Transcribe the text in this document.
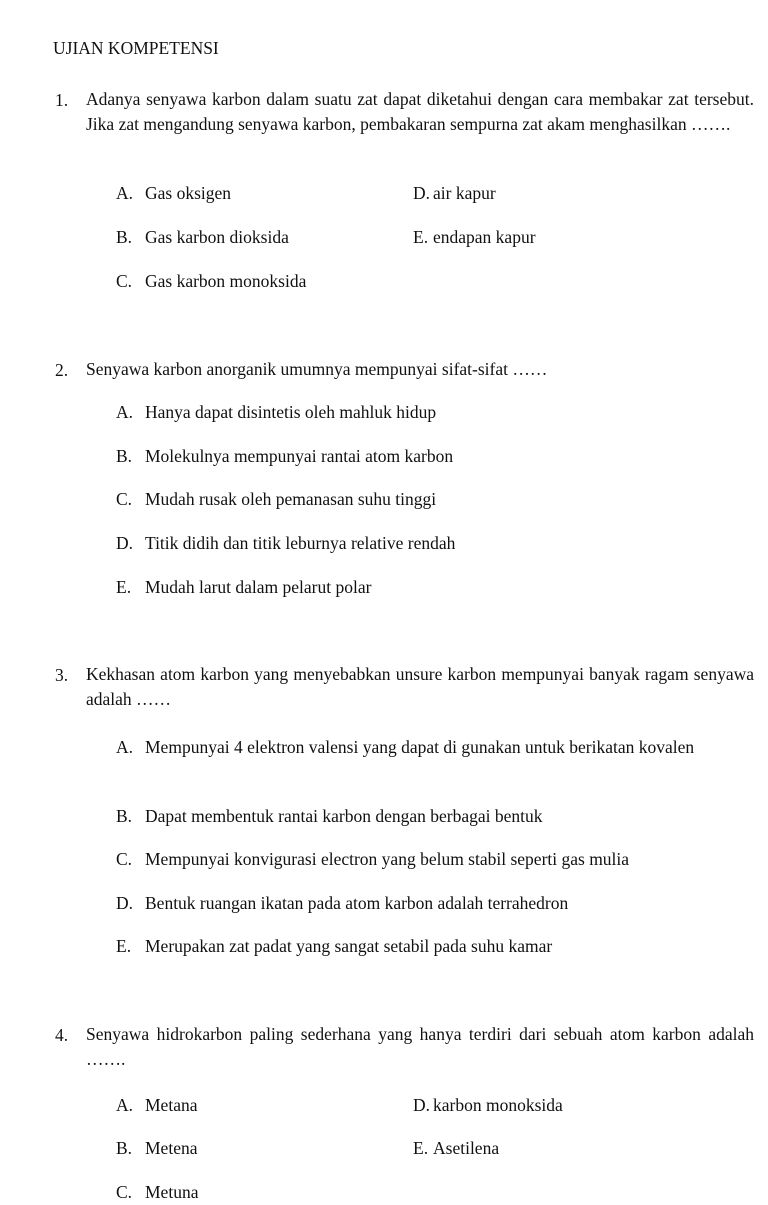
UJIAN KOMPETENSI
1. Adanya senyawa karbon dalam suatu zat dapat diketahui dengan cara membakar zat tersebut. Jika zat mengandung senyawa karbon, pembakaran sempurna zat akam menghasilkan …….
A. Gas oksigen
B. Gas karbon dioksida
C. Gas karbon monoksida
D. air kapur
E. endapan kapur
2. Senyawa karbon anorganik umumnya mempunyai sifat-sifat ……
A. Hanya dapat disintetis oleh mahluk hidup
B. Molekulnya mempunyai rantai atom karbon
C. Mudah rusak oleh pemanasan suhu tinggi
D. Titik didih dan titik leburnya relative rendah
E. Mudah larut dalam pelarut polar
3. Kekhasan atom karbon yang menyebabkan unsure karbon mempunyai banyak ragam senyawa adalah ……
A. Mempunyai 4 elektron valensi yang dapat di gunakan untuk berikatan kovalen
B. Dapat membentuk rantai karbon dengan berbagai bentuk
C. Mempunyai konvigurasi electron yang belum stabil seperti gas mulia
D. Bentuk ruangan ikatan pada atom karbon adalah terrahedron
E. Merupakan zat padat yang sangat setabil pada suhu kamar
4. Senyawa hidrokarbon paling sederhana yang hanya terdiri dari sebuah atom karbon adalah …….
A. Metana
B. Metena
C. Metuna
D. karbon monoksida
E. Asetilena
